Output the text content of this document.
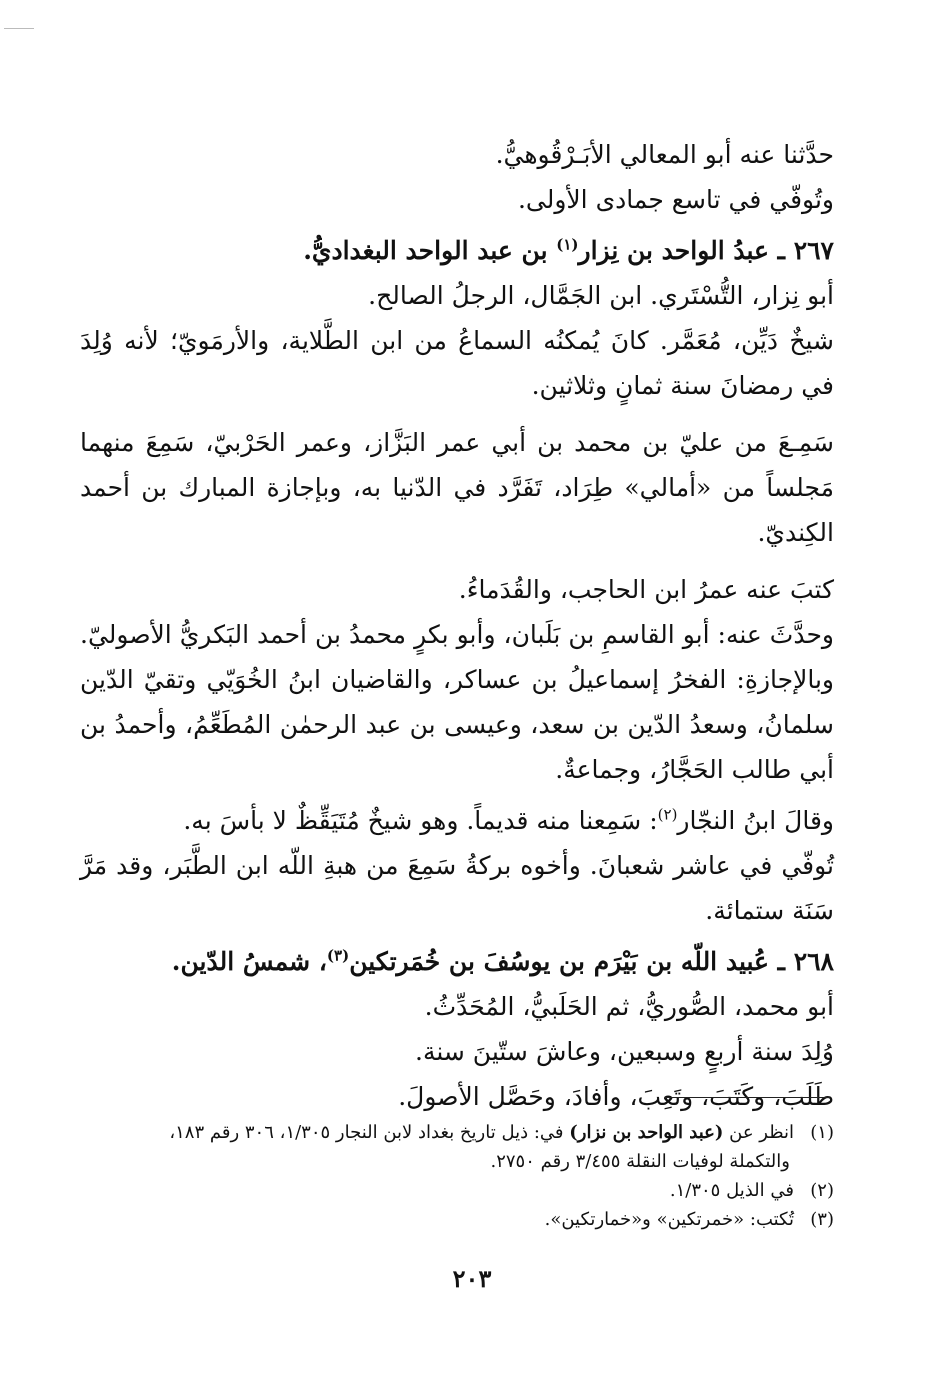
حدَّثنا عنه أبو المعالي الأبَـرْقُوهيُّ.

وتُوفّي في تاسع جمادى الأولى.

٢٦٧ ـ عبدُ الواحد بن نِزار$^{(١)}$ بن عبد الواحد البغداديُّ.

أبو نِزار، التُّسْتَري. ابن الجَمَّال، الرجلُ الصالح.

شيخٌ دَيِّن، مُعَمَّر. كانَ يُمكنُه السماعُ من ابن الطَّلاية، والأرمَويّ؛ لأنه وُلِدَ في رمضانَ سنة ثمانٍ وثلاثين.

سَمِـعَ من عليّ بن محمد بن أبي عمر البَزَّاز، وعمر الحَرْبيّ، سَمِعَ منهما مَجلساً من «أمالي» طِرَاد، تَفَرَّد في الدّنيا به، وبإجازة المبارك بن أحمد الكِنديّ.

كتبَ عنه عمرُ ابن الحاجب، والقُدَماءُ.

وحدَّثَ عنه: أبو القاسمِ بن بَلَبان، وأبو بكرٍ محمدُ بن أحمد البَكريُّ الأصوليّ. وبالإجازةِ: الفخرُ إسماعيلُ بن عساكر، والقاضيان ابنُ الخُوَيّي وتقيّ الدّين سلمانُ، وسعدُ الدّين بن سعد، وعيسى بن عبد الرحمٰن المُطَعِّمُ، وأحمدُ بن أبي طالب الحَجَّارُ، وجماعةٌ.

وقالَ ابنُ النجّار$^{(٢)}$: سَمِعنا منه قديماً. وهو شيخٌ مُتَيَقِّظٌ لا بأسَ به.

تُوفّي في عاشر شعبانَ. وأخوه بركةُ سَمِعَ من هبةِ اللّه ابن الطَّبَر، وقد مَرَّ سَنَة ستمائة.

٢٦٨ ـ عُبيد اللّه بن بَيْرَم بن يوسُفَ بن خُمَرتكين$^{(٣)}$، شمسُ الدّين.

أبو محمد، الصُّوريُّ، ثم الحَلَبيُّ، المُحَدِّثُ.

وُلِدَ سنة أربعٍ وسبعين، وعاشَ ستّينَ سنة.

طَلَبَ، وكَتَبَ، وتَعِبَ، وأفادَ، وحَصَّل الأصولَ.

(١)انظر عن (عبد الواحد بن نزار) في: ذيل تاريخ بغداد لابن النجار ١/٣٠٥، ٣٠٦ رقم ١٨٣،

والتكملة لوفيات النقلة ٣/٤٥٥ رقم ٢٧٥٠.

(٢)في الذيل ١/٣٠٥.

(٣)تُكتب: «خمرتكين» و«خمارتكين».

٢٠٣
